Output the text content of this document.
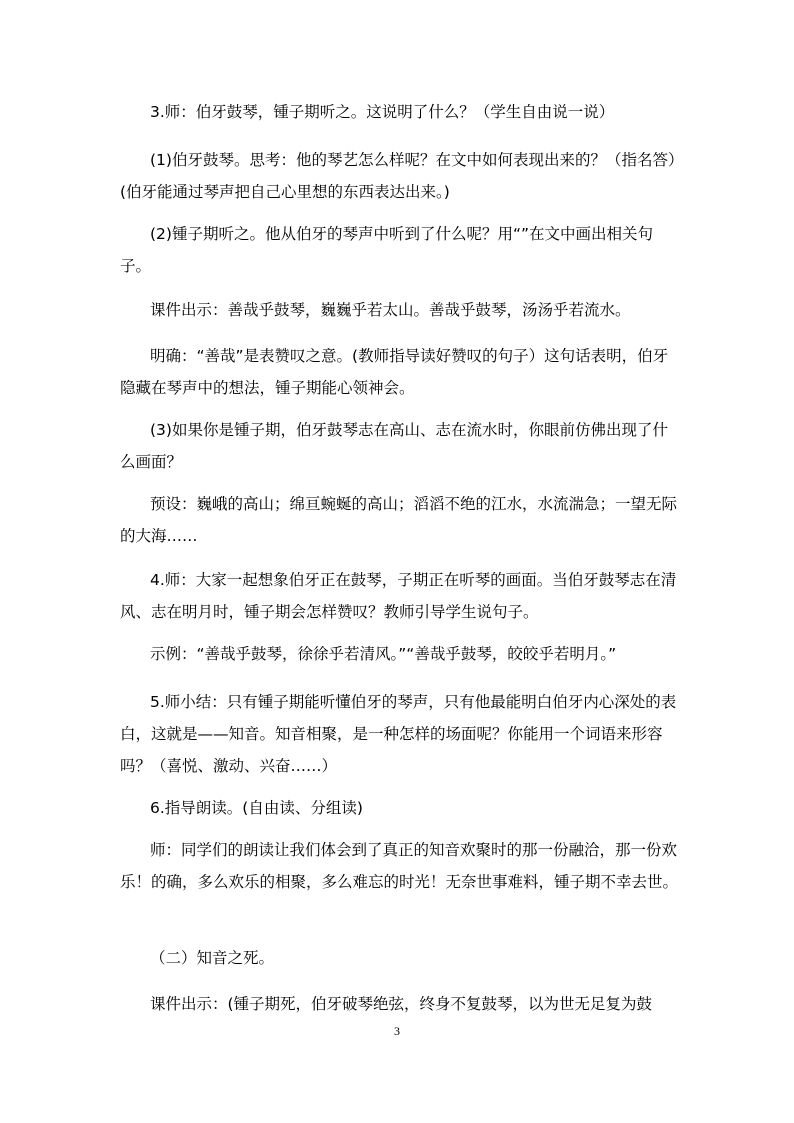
3.师：伯牙鼓琴，锺子期听之。这说明了什么？（学生自由说一说）

(1)伯牙鼓琴。思考：他的琴艺怎么样呢？在文中如何表现出来的？（指名答）(伯牙能通过琴声把自己心里想的东西表达出来。)

(2)锺子期听之。他从伯牙的琴声中听到了什么呢？用“”在文中画出相关句子。

课件出示：善哉乎鼓琴，巍巍乎若太山。善哉乎鼓琴，汤汤乎若流水。

明确：“善哉”是表赞叹之意。(教师指导读好赞叹的句子）这句话表明，伯牙隐藏在琴声中的想法，锺子期能心领神会。

(3)如果你是锺子期，伯牙鼓琴志在高山、志在流水时，你眼前仿佛出现了什么画面？

预设：巍峨的高山；绵亘蜿蜒的高山；滔滔不绝的江水，水流湍急；一望无际的大海……

4.师：大家一起想象伯牙正在鼓琴，子期正在听琴的画面。当伯牙鼓琴志在清风、志在明月时，锺子期会怎样赞叹？教师引导学生说句子。

示例：“善哉乎鼓琴，徐徐乎若清风。”“善哉乎鼓琴，皎皎乎若明月。”

5.师小结：只有锺子期能听懂伯牙的琴声，只有他最能明白伯牙内心深处的表白，这就是——知音。知音相聚，是一种怎样的场面呢？你能用一个词语来形容吗？（喜悦、激动、兴奋……）

6.指导朗读。(自由读、分组读)

师：同学们的朗读让我们体会到了真正的知音欢聚时的那一份融洽，那一份欢乐！的确，多么欢乐的相聚，多么难忘的时光！无奈世事难料，锺子期不幸去世。

（二）知音之死。

课件出示：(锺子期死，伯牙破琴绝弦，终身不复鼓琴，以为世无足复为鼓

3
